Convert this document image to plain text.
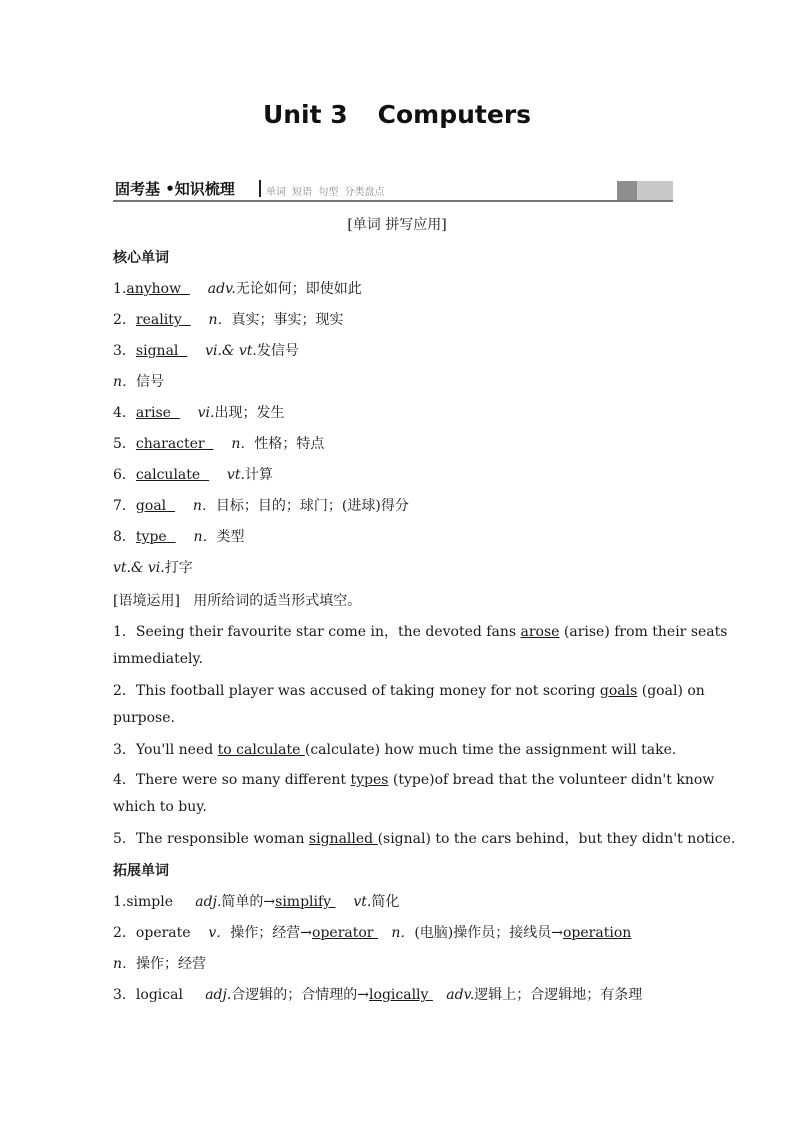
Unit 3 Computers
固考基 •知识梳理	单词 短语 句型 分类盘点
[单词 拼写应用]
核心单词
1.anyhow adv.无论如何；即使如此
2．reality n．真实；事实；现实
3．signal vi.& vt.发信号
n．信号
4．arise vi.出现；发生
5．character n．性格；特点
6．calculate vt.计算
7．goal n．目标；目的；球门；(进球)得分
8．type n．类型
vt.& vi.打字
[语境运用] 用所给词的适当形式填空。
1．Seeing their favourite star come in，the devoted fans arose (arise) from their seats
immediately.
2．This football player was accused of taking money for not scoring goals (goal) on
purpose.
3．You'll need to calculate (calculate) how much time the assignment will take.
4．There were so many different types (type)of bread that the volunteer didn't know
which to buy.
5．The responsible woman signalled (signal) to the cars behind，but they didn't notice.
拓展单词
1.simple adj.简单的→simplify     vt.简化
2．operate v．操作；经营→operator    n．(电脑)操作员；接线员→operation
n．操作；经营
3．logical adj.合逻辑的；合情理的→logically    adv.逻辑上；合逻辑地；有条理
